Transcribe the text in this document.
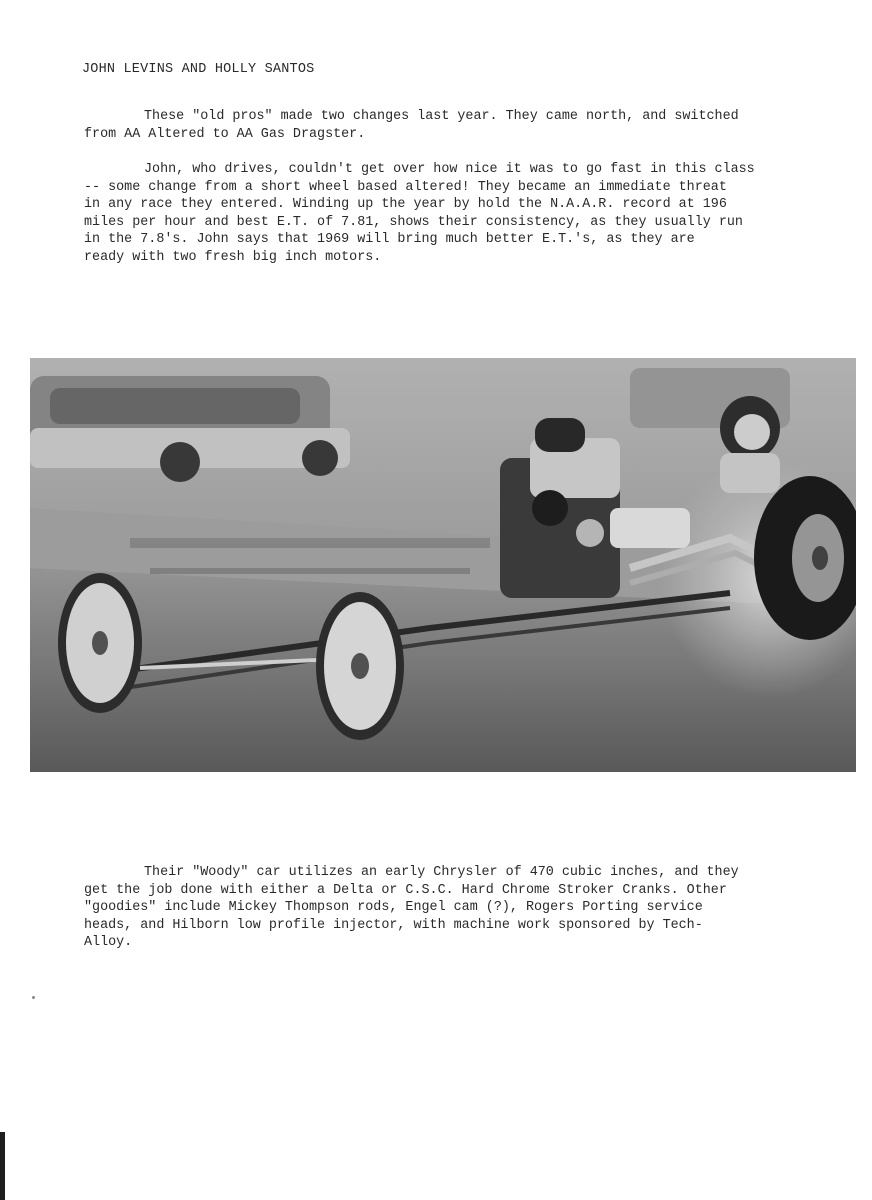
JOHN LEVINS AND HOLLY SANTOS
These "old pros" made two changes last year. They came north, and switched
from AA Altered to AA Gas Dragster.
John, who drives, couldn't get over how nice it was to go fast in this class
-- some change from a short wheel based altered! They became an immediate threat
in any race they entered. Winding up the year by hold the N.A.A.R. record at 196
miles per hour and best E.T. of 7.81, shows their consistency, as they usually run
in the 7.8's. John says that 1969 will bring much better E.T.'s, as they are
ready with two fresh big inch motors.
Their "Woody" car utilizes an early Chrysler of 470 cubic inches, and they
get the job done with either a Delta or C.S.C. Hard Chrome Stroker Cranks. Other
"goodies" include Mickey Thompson rods, Engel cam (?), Rogers Porting service
heads, and Hilborn low profile injector, with machine work sponsored by Tech-
Alloy.
